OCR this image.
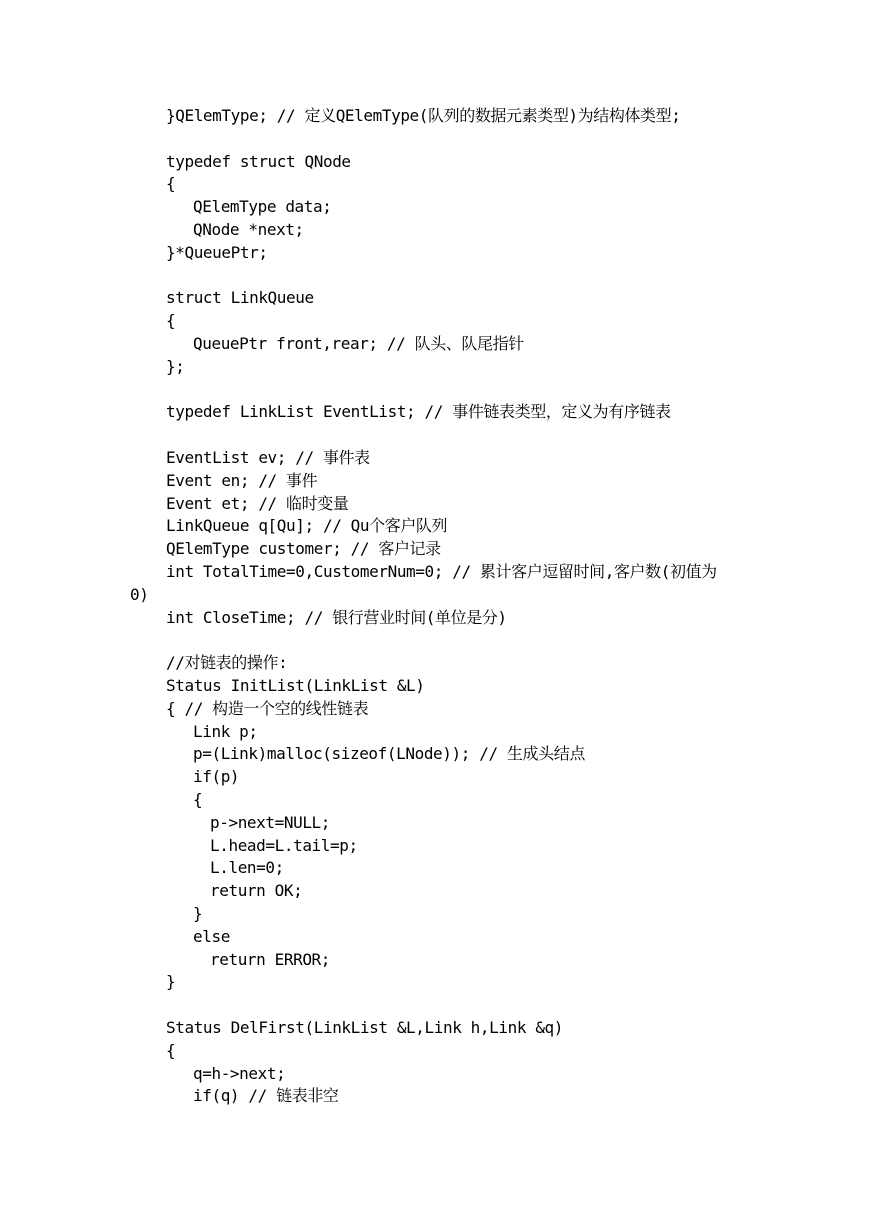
}QElemType; // 定义QElemType(队列的数据元素类型)为结构体类型;
typedef struct QNode
{
QElemType data;
QNode *next;
}*QueuePtr;
struct LinkQueue
{
QueuePtr front,rear; // 队头、队尾指针
};
typedef LinkList EventList; // 事件链表类型，定义为有序链表
EventList ev; // 事件表
Event en; // 事件
Event et; // 临时变量
LinkQueue q[Qu]; // Qu个客户队列
QElemType customer; // 客户记录
int TotalTime=0,CustomerNum=0; // 累计客户逗留时间,客户数(初值为
0)
int CloseTime; // 银行营业时间(单位是分)
//对链表的操作:
Status InitList(LinkList &L)
{ // 构造一个空的线性链表
Link p;
p=(Link)malloc(sizeof(LNode)); // 生成头结点
if(p)
{
p->next=NULL;
L.head=L.tail=p;
L.len=0;
return OK;
}
else
return ERROR;
}
Status DelFirst(LinkList &L,Link h,Link &q)
{
q=h->next;
if(q) // 链表非空
